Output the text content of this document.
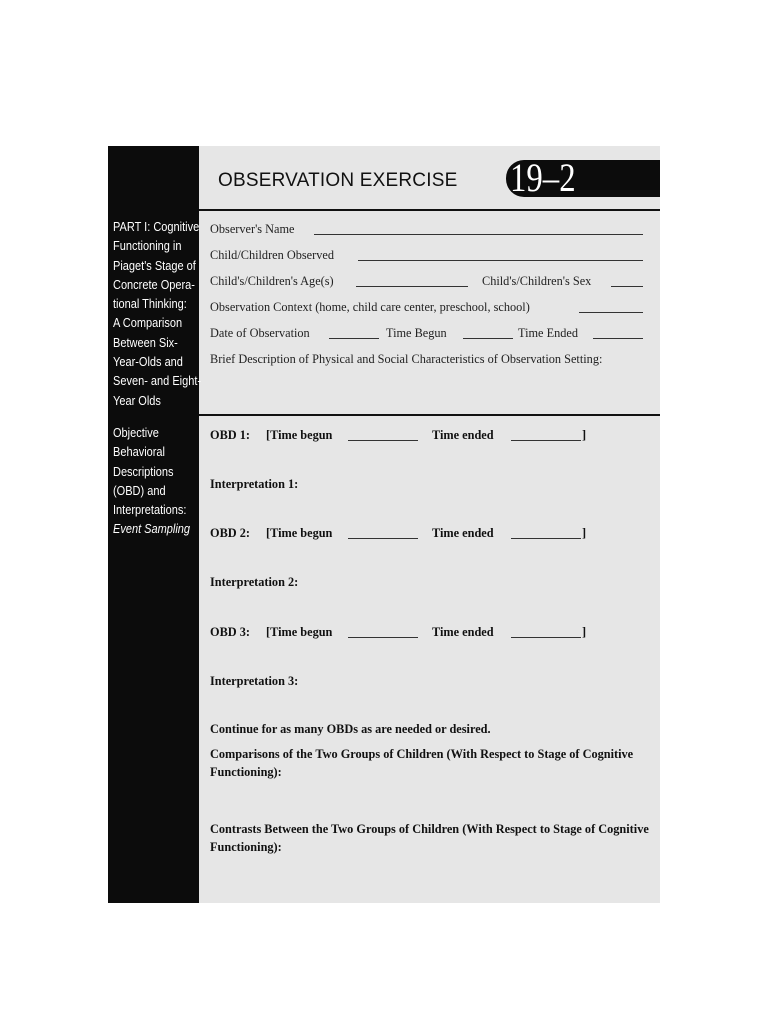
PART I: Cognitive
Functioning in
Piaget's Stage of
Concrete Opera-
tional Thinking:
A Comparison
Between Six-
Year-Olds and
Seven- and Eight-
Year Olds
Objective
Behavioral
Descriptions
(OBD) and
Interpretations:
Event Sampling
OBSERVATION EXERCISE 19–2
Observer's Name
Child/Children Observed
Child's/Children's Age(s)	Child's/Children's Sex
Observation Context (home, child care center, preschool, school)
Date of Observation	Time Begun	Time Ended
Brief Description of Physical and Social Characteristics of Observation Setting:
OBD 1: [Time begun	Time ended	]
Interpretation 1:
OBD 2: [Time begun	Time ended	]
Interpretation 2:
OBD 3: [Time begun	Time ended	]
Interpretation 3:
Continue for as many OBDs as are needed or desired.
Comparisons of the Two Groups of Children (With Respect to Stage of Cognitive Functioning):
Contrasts Between the Two Groups of Children (With Respect to Stage of Cognitive Functioning):
